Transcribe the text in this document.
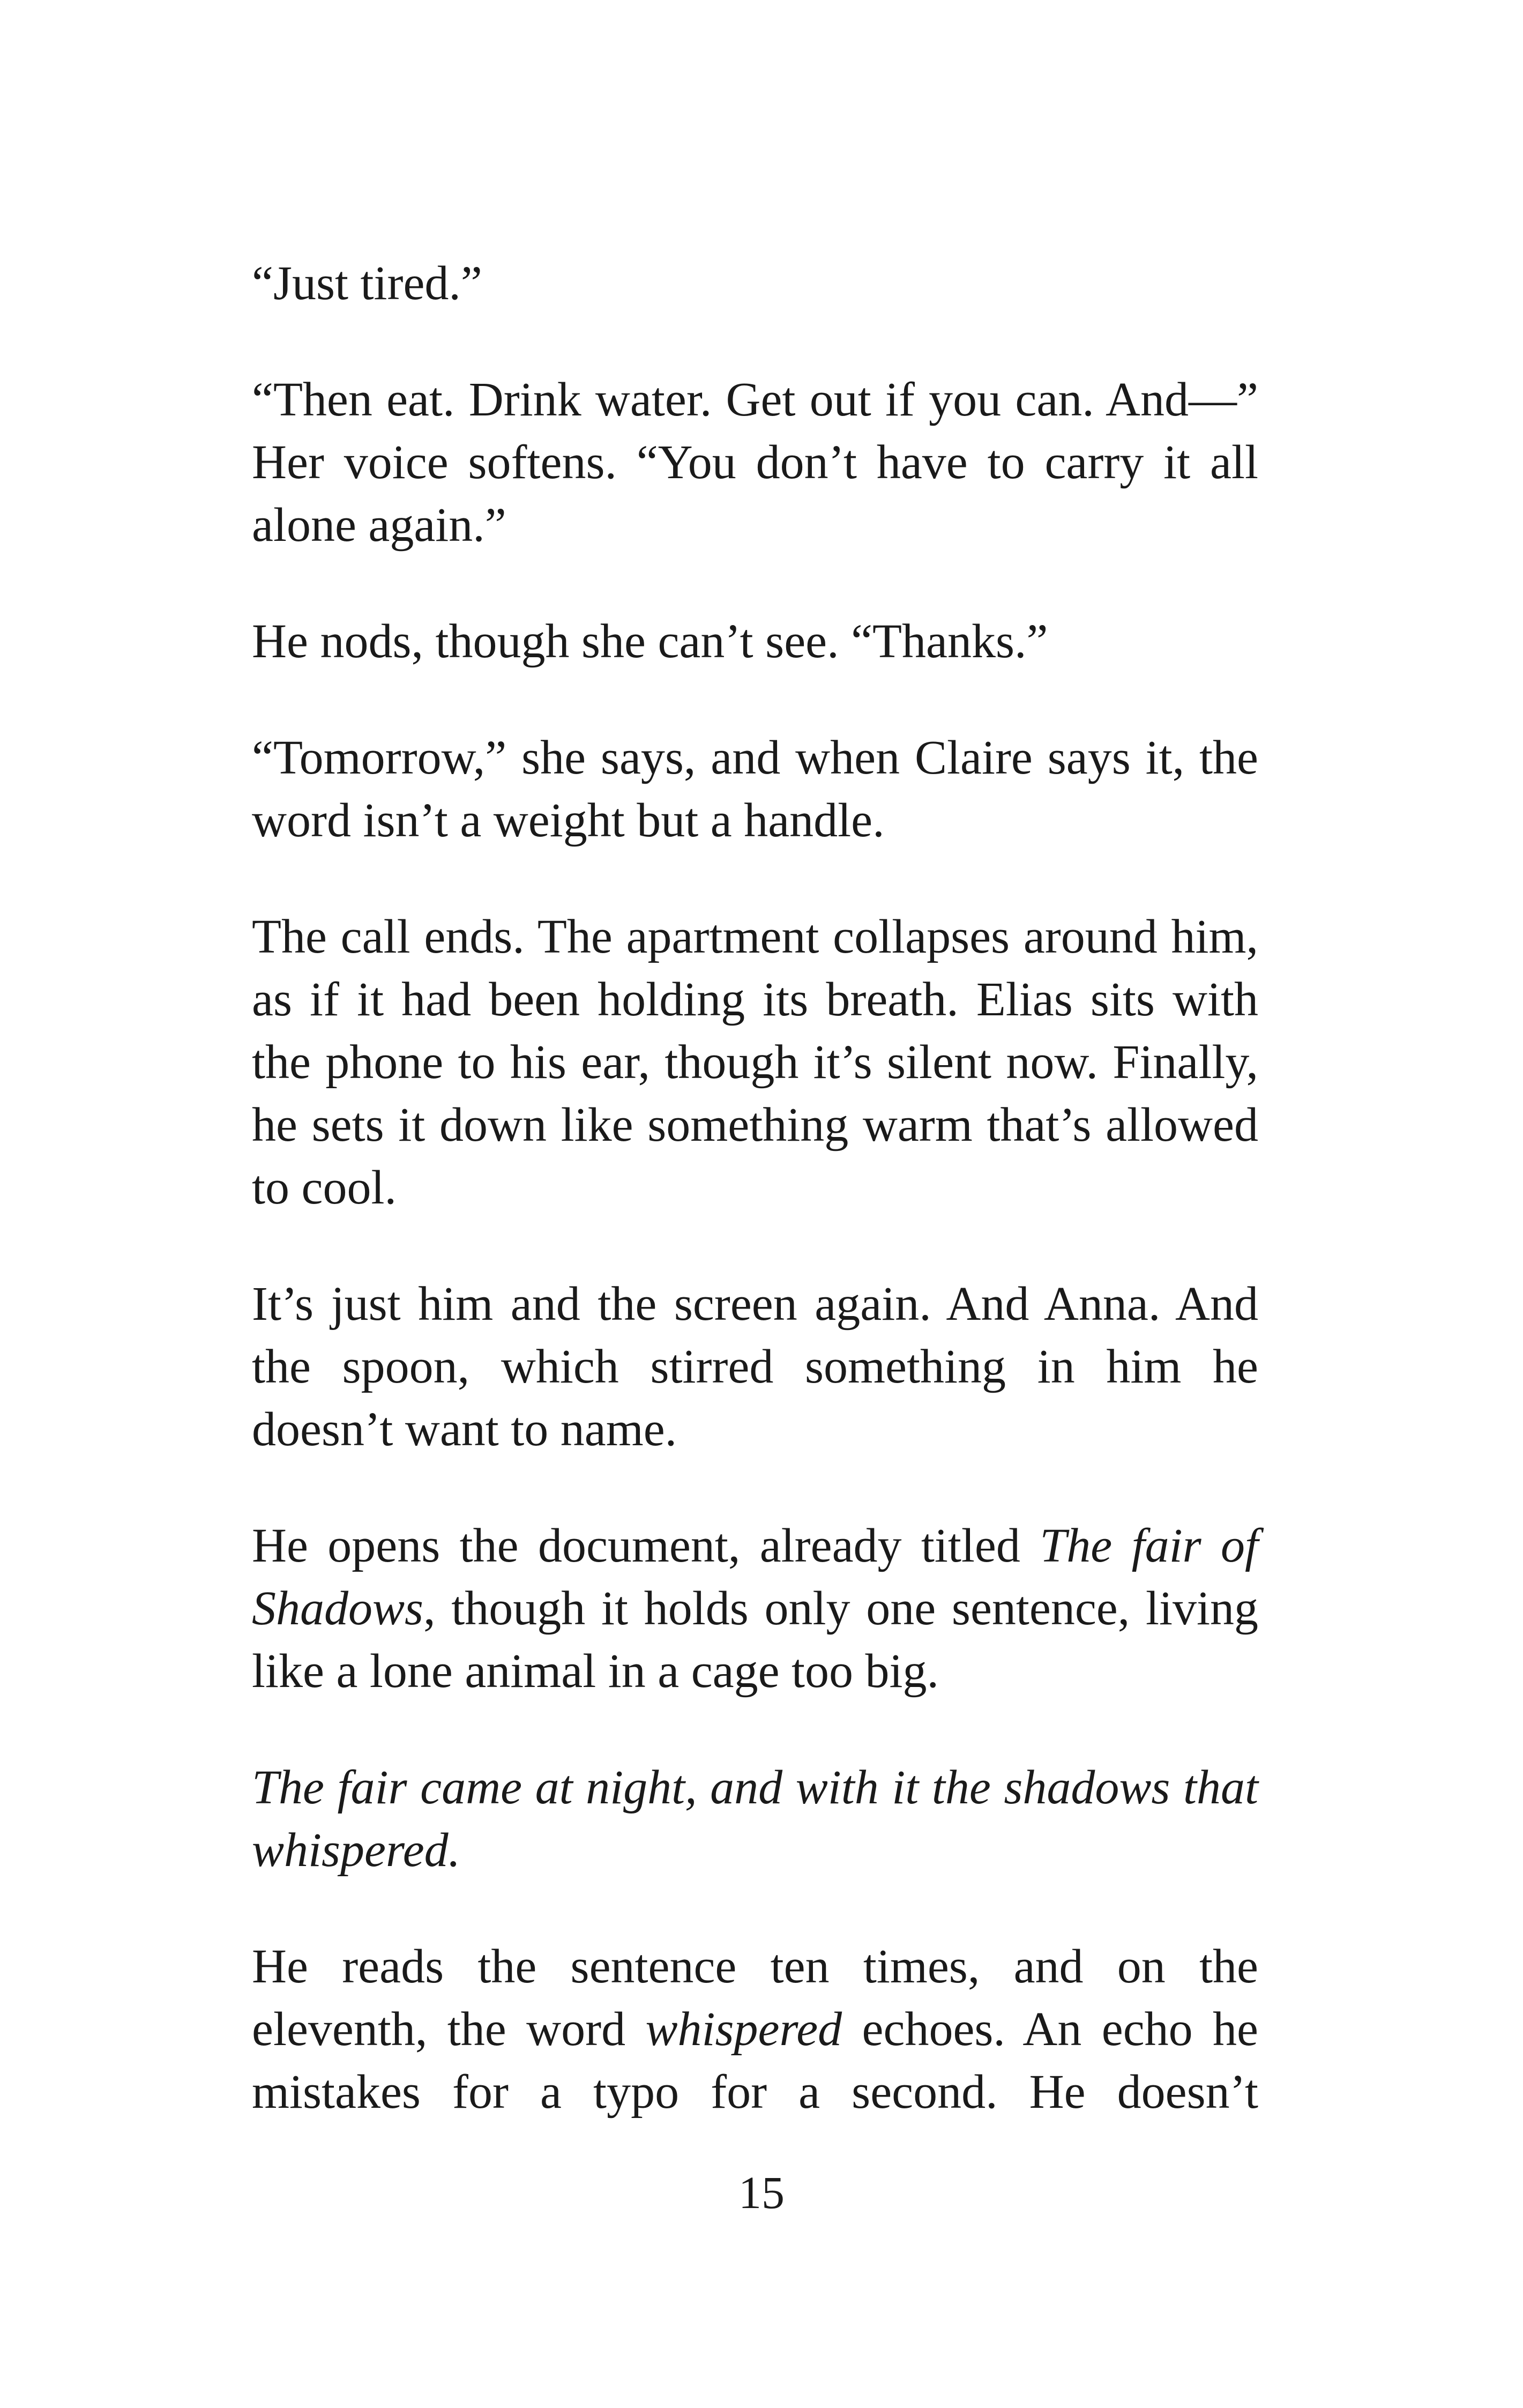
“Just tired.”

“Then eat. Drink water. Get out if you can. And—” Her voice softens. “You don’t have to carry it all alone again.”

He nods, though she can’t see. “Thanks.”

“Tomorrow,” she says, and when Claire says it, the word isn’t a weight but a handle.

The call ends. The apartment collapses around him, as if it had been holding its breath. Elias sits with the phone to his ear, though it’s silent now. Finally, he sets it down like something warm that’s allowed to cool.

It’s just him and the screen again. And Anna. And the spoon, which stirred something in him he doesn’t want to name.

He opens the document, already titled The fair of Shadows, though it holds only one sentence, living like a lone animal in a cage too big.

The fair came at night, and with it the shadows that whispered.

He reads the sentence ten times, and on the eleventh, the word whispered echoes. An echo he mistakes for a typo for a second. He doesn’t

15
